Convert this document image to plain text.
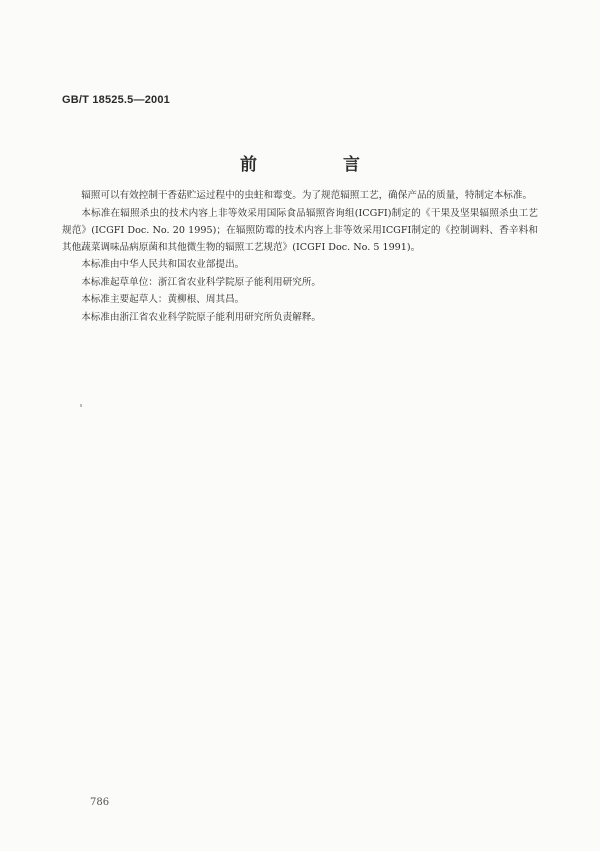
GB/T 18525.5—2001
前 言

辐照可以有效控制干香菇贮运过程中的虫蛀和霉变。为了规范辐照工艺，确保产品的质量，特制定本标准。

本标准在辐照杀虫的技术内容上非等效采用国际食品辐照咨询组(ICGFI)制定的《干果及坚果辐照杀虫工艺规范》(ICGFI Doc. No. 20 1995)；在辐照防霉的技术内容上非等效采用ICGFI制定的《控制调料、香辛料和其他蔬菜调味品病原菌和其他微生物的辐照工艺规范》(ICGFI Doc. No. 5 1991)。

本标准由中华人民共和国农业部提出。

本标准起草单位：浙江省农业科学院原子能利用研究所。

本标准主要起草人：黄柳根、周其昌。

本标准由浙江省农业科学院原子能利用研究所负责解释。

786
